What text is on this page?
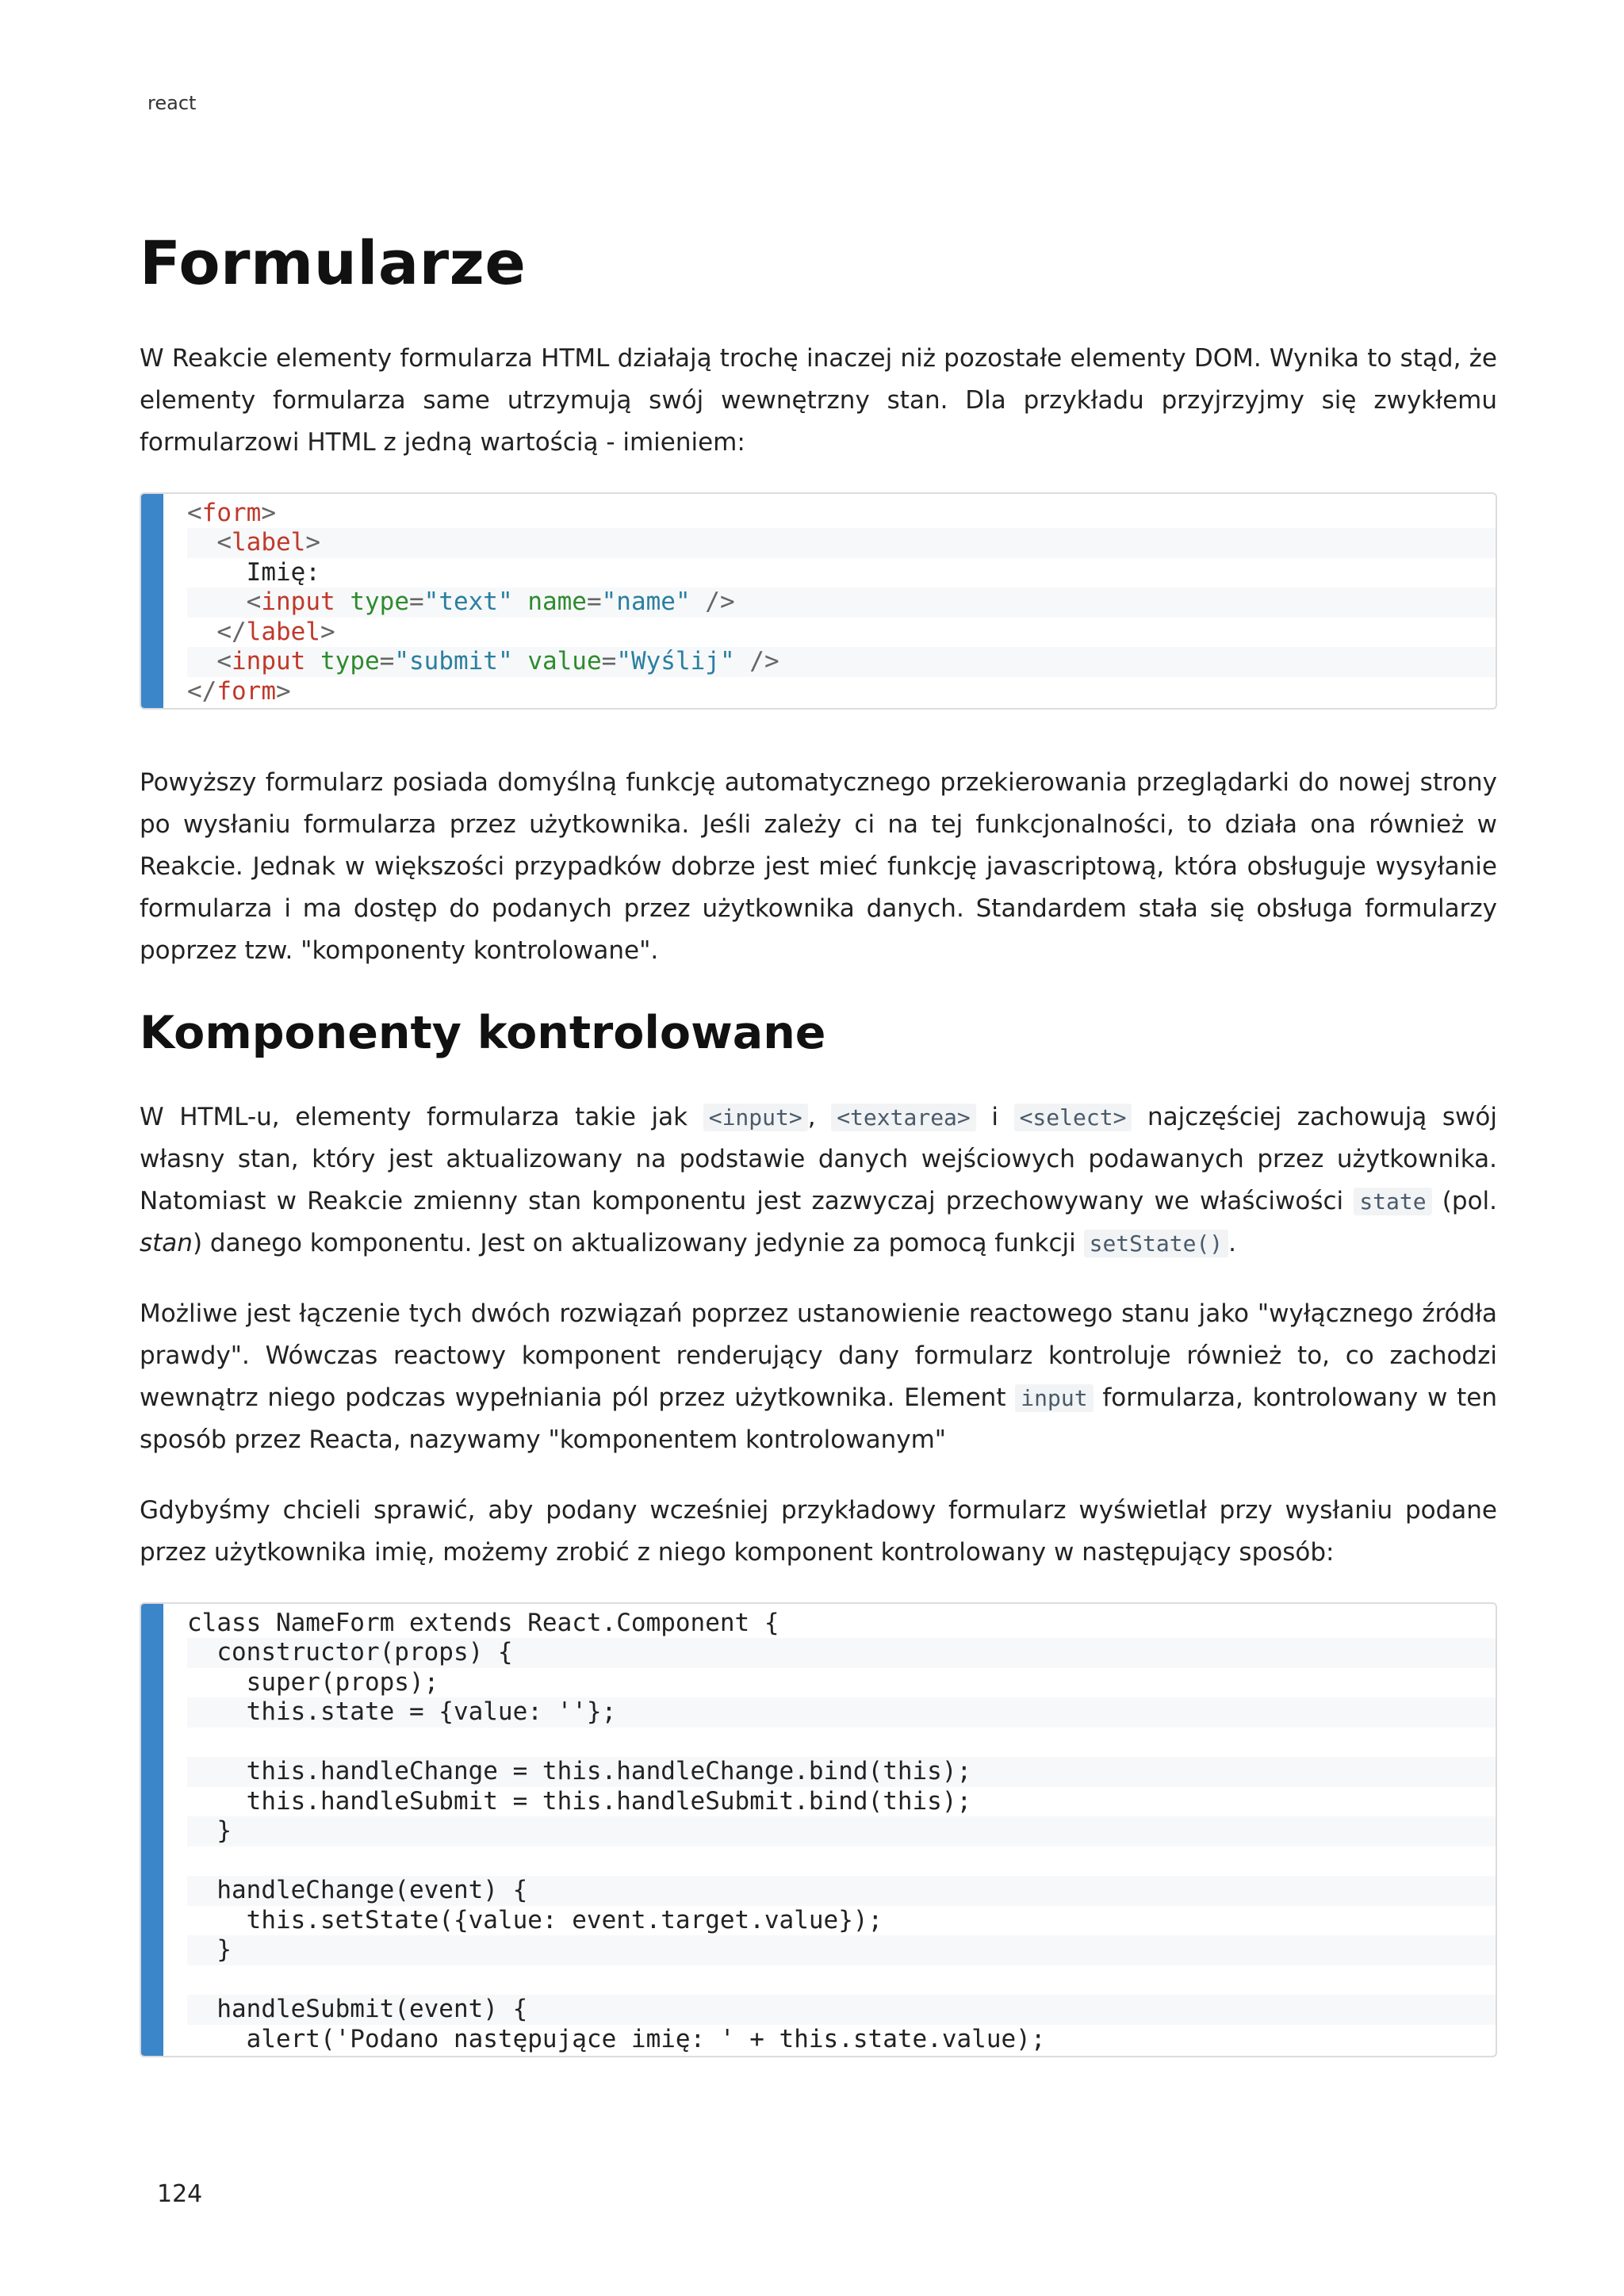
react
Formularze

W Reakcie elementy formularza HTML działają trochę inaczej niż pozostałe elementy DOM. Wynika to stąd, że elementy formularza same utrzymują swój wewnętrzny stan. Dla przykładu przyjrzyjmy się zwykłemu formularzowi HTML z jedną wartością - imieniem:

<form>
<label>
Imię:
<input type="text" name="name" />
</label>
<input type="submit" value="Wyślij" />
</form>

Powyższy formularz posiada domyślną funkcję automatycznego przekierowania przeglądarki do nowej strony po wysłaniu formularza przez użytkownika. Jeśli zależy ci na tej funkcjonalności, to działa ona również w Reakcie. Jednak w większości przypadków dobrze jest mieć funkcję javascriptową, która obsługuje wysyłanie formularza i ma dostęp do podanych przez użytkownika danych. Standardem stała się obsługa formularzy poprzez tzw. "komponenty kontrolowane".

Komponenty kontrolowane

W HTML-u, elementy formularza takie jak <input> , <textarea> i <select> najczęściej zachowują swój własny stan, który jest aktualizowany na podstawie danych wejściowych podawanych przez użytkownika. Natomiast w Reakcie zmienny stan komponentu jest zazwyczaj przechowywany we właściwości state (pol. stan) danego komponentu. Jest on aktualizowany jedynie za pomocą funkcji setState() .

Możliwe jest łączenie tych dwóch rozwiązań poprzez ustanowienie reactowego stanu jako "wyłącznego źródła prawdy". Wówczas reactowy komponent renderujący dany formularz kontroluje również to, co zachodzi wewnątrz niego podczas wypełniania pól przez użytkownika. Element input formularza, kontrolowany w ten sposób przez Reacta, nazywamy "komponentem kontrolowanym"

Gdybyśmy chcieli sprawić, aby podany wcześniej przykładowy formularz wyświetlał przy wysłaniu podane przez użytkownika imię, możemy zrobić z niego komponent kontrolowany w następujący sposób:

class NameForm extends React.Component {
constructor(props) {
super(props);
this.state = {value: ''};

this.handleChange = this.handleChange.bind(this);
this.handleSubmit = this.handleSubmit.bind(this);
}

handleChange(event) {
this.setState({value: event.target.value});
}

handleSubmit(event) {
alert('Podano następujące imię: ' + this.state.value);
124
